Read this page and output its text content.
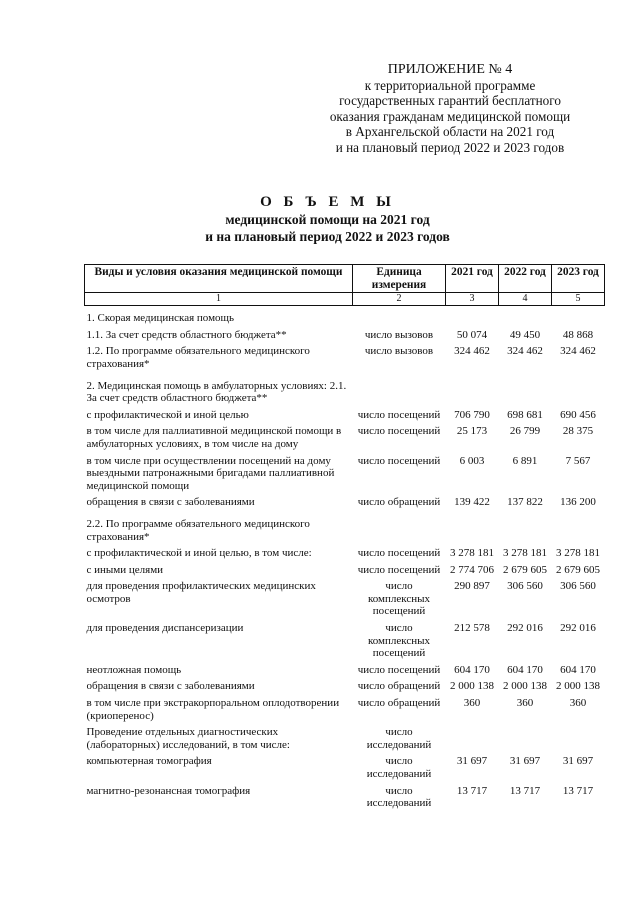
ПРИЛОЖЕНИЕ № 4
к территориальной программе
государственных гарантий бесплатного
оказания гражданам медицинской помощи
в Архангельской области на 2021 год
и на плановый период 2022 и 2023 годов
О Б Ъ Е М Ы
медицинской помощи на 2021 год
и на плановый период 2022 и 2023 годов
Виды и условия оказания медицинской помощи	Единица измерения	2021 год	2022 год	2023 год
1	2	3	4	5
1. Скорая медицинская помощь				
1.1. За счет средств областного бюджета**	число вызовов	50 074	49 450	48 868
1.2. По программе обязательного медицинского страхования*	число вызовов	324 462	324 462	324 462
2. Медицинская помощь в амбулаторных условиях: 2.1. За счет средств областного бюджета**				
с профилактической и иной целью	число посещений	706 790	698 681	690 456
в том числе для паллиативной медицинской помощи в амбулаторных условиях, в том числе на дому	число посещений	25 173	26 799	28 375
в том числе при осуществлении посещений на дому выездными патронажными бригадами паллиативной медицинской помощи	число посещений	6 003	6 891	7 567
обращения в связи с заболеваниями	число обращений	139 422	137 822	136 200
2.2. По программе обязательного медицинского страхования*				
с профилактической и иной целью, в том числе:	число посещений	3 278 181	3 278 181	3 278 181
с иными целями	число посещений	2 774 706	2 679 605	2 679 605
для проведения профилактических медицинских осмотров	число комплексных посещений	290 897	306 560	306 560
для проведения диспансеризации	число комплексных посещений	212 578	292 016	292 016
неотложная помощь	число посещений	604 170	604 170	604 170
обращения в связи с заболеваниями	число обращений	2 000 138	2 000 138	2 000 138
в том числе при экстракорпоральном оплодотворении (криоперенос)	число обращений	360	360	360
Проведение отдельных диагностических (лабораторных) исследований, в том числе:	число исследований			
компьютерная томография	число исследований	31 697	31 697	31 697
магнитно-резонансная томография	число исследований	13 717	13 717	13 717
